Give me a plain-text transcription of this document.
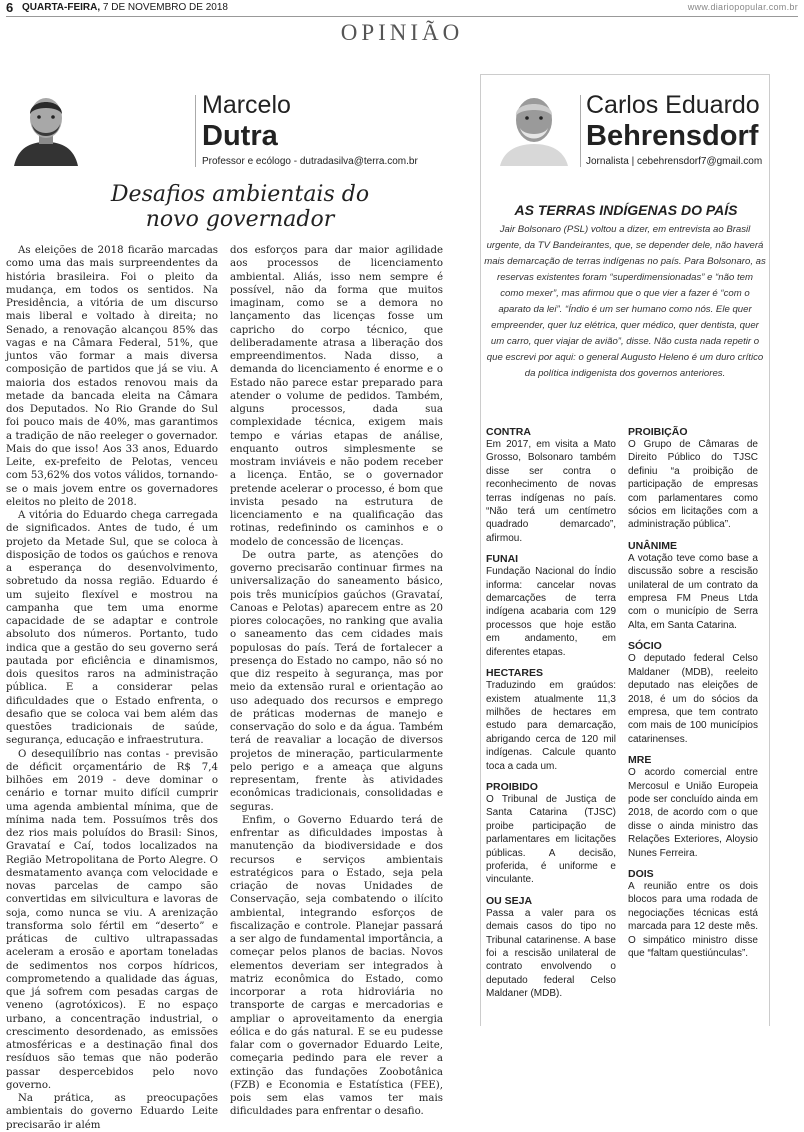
6 QUARTA-FEIRA, 7 DE NOVEMBRO DE 2018	www.diariopopular.com.br
OPINIÃO
Marcelo
Dutra
Professor e ecólogo - dutradasilva@terra.com.br
Carlos Eduardo
Behrensdorf
Jornalista | cebehrensdorf7@gmail.com
Desafios ambientais do
novo governador

As eleições de 2018 ficarão marcadas como uma das mais surpreendentes da história brasileira. Foi o pleito da mudança, em todos os sentidos. Na Presidência, a vitória de um discurso mais liberal e voltado à direita; no Senado, a renovação alcançou 85% das vagas e na Câmara Federal, 51%, que juntos vão formar a mais diversa composição de partidos que já se viu. A maioria dos estados renovou mais da metade da bancada eleita na Câmara dos Deputados. No Rio Grande do Sul foi pouco mais de 40%, mas garantimos a tradição de não reeleger o governador. Mais do que isso! Aos 33 anos, Eduardo Leite, ex-prefeito de Pelotas, venceu com 53,62% dos votos válidos, tornando-se o mais jovem entre os governadores eleitos no pleito de 2018.

A vitória do Eduardo chega carregada de significados. Antes de tudo, é um projeto da Metade Sul, que se coloca à disposição de todos os gaúchos e renova a esperança do desenvolvimento, sobretudo da nossa região. Eduardo é um sujeito flexível e mostrou na campanha que tem uma enorme capacidade de se adaptar e controle absoluto dos números. Portanto, tudo indica que a gestão do seu governo será pautada por eficiência e dinamismos, dois quesitos raros na administração pública. E a considerar pelas dificuldades que o Estado enfrenta, o desafio que se coloca vai bem além das questões tradicionais de saúde, segurança, educação e infraestrutura.

O desequilíbrio nas contas - previsão de déficit orçamentário de R$ 7,4 bilhões em 2019 - deve dominar o cenário e tornar muito difícil cumprir uma agenda ambiental mínima, que de mínima nada tem. Possuímos três dos dez rios mais poluídos do Brasil: Sinos, Gravataí e Caí, todos localizados na Região Metropolitana de Porto Alegre. O desmatamento avança com velocidade e novas parcelas de campo são convertidas em silvicultura e lavoras de soja, como nunca se viu. A arenização transforma solo fértil em “deserto” e práticas de cultivo ultrapassadas aceleram a erosão e aportam toneladas de sedimentos nos corpos hídricos, comprometendo a qualidade das águas, que já sofrem com pesadas cargas de veneno (agrotóxicos). E no espaço urbano, a concentração industrial, o crescimento desordenado, as emissões atmosféricas e a destinação final dos resíduos são temas que não poderão passar despercebidos pelo novo governo.

Na prática, as preocupações ambientais do governo Eduardo Leite precisarão ir além

dos esforços para dar maior agilidade aos processos de licenciamento ambiental. Aliás, isso nem sempre é possível, não da forma que muitos imaginam, como se a demora no lançamento das licenças fosse um capricho do corpo técnico, que deliberadamente atrasa a liberação dos empreendimentos. Nada disso, a demanda do licenciamento é enorme e o Estado não parece estar preparado para atender o volume de pedidos. Também, alguns processos, dada sua complexidade técnica, exigem mais tempo e várias etapas de análise, enquanto outros simplesmente se mostram inviáveis e não podem receber a licença. Então, se o governador pretende acelerar o processo, é bom que invista pesado na estrutura de licenciamento e na qualificação das rotinas, redefinindo os caminhos e o modelo de concessão de licenças.

De outra parte, as atenções do governo precisarão continuar firmes na universalização do saneamento básico, pois três municípios gaúchos (Gravataí, Canoas e Pelotas) aparecem entre as 20 piores colocações, no ranking que avalia o saneamento das cem cidades mais populosas do país. Terá de fortalecer a presença do Estado no campo, não só no que diz respeito à segurança, mas por meio da extensão rural e orientação ao uso adequado dos recursos e emprego de práticas modernas de manejo e conservação do solo e da água. Também terá de reavaliar a locação de diversos projetos de mineração, particularmente pelo perigo e a ameaça que alguns representam, frente às atividades econômicas tradicionais, consolidadas e seguras.

Enfim, o Governo Eduardo terá de enfrentar as dificuldades impostas à manutenção da biodiversidade e dos recursos e serviços ambientais estratégicos para o Estado, seja pela criação de novas Unidades de Conservação, seja combatendo o ilícito ambiental, integrando esforços de fiscalização e controle. Planejar passará a ser algo de fundamental importância, a começar pelos planos de bacias. Novos elementos deveriam ser integrados à matriz econômica do Estado, como incorporar a rota hidroviária no transporte de cargas e mercadorias e ampliar o aproveitamento da energia eólica e do gás natural. E se eu pudesse falar com o governador Eduardo Leite, começaria pedindo para ele rever a extinção das fundações Zoobotânica (FZB) e Economia e Estatística (FEE), pois sem elas vamos ter mais dificuldades para enfrentar o desafio.

AS TERRAS INDÍGENAS DO PAÍS
Jair Bolsonaro (PSL) voltou a dizer, em entrevista ao Brasil urgente, da TV Bandeirantes, que, se depender dele, não haverá mais demarcação de terras indígenas no país. Para Bolsonaro, as reservas existentes foram “superdimensionadas” e “não tem como mexer”, mas afirmou que o que vier a fazer é “com o aparato da lei”. “Índio é um ser humano como nós. Ele quer empreender, quer luz elétrica, quer médico, quer dentista, quer um carro, quer viajar de avião”, disse. Não custa nada repetir o que escrevi por aqui: o general Augusto Heleno é um duro crítico da política indigenista dos governos anteriores.
CONTRA
Em 2017, em visita a Mato Grosso, Bolsonaro também disse ser contra o reconhecimento de novas terras indígenas no país. “Não terá um centímetro quadrado demarcado”, afirmou.
FUNAI
Fundação Nacional do Índio informa: cancelar novas demarcações de terra indígena acabaria com 129 processos que hoje estão em andamento, em diferentes etapas.
HECTARES
Traduzindo em graúdos: existem atualmente 11,3 milhões de hectares em estudo para demarcação, abrigando cerca de 120 mil indígenas. Calcule quanto toca a cada um.
PROIBIDO
O Tribunal de Justiça de Santa Catarina (TJSC) proibe participação de parlamentares em licitações públicas. A decisão, proferida, é uniforme e vinculante.
OU SEJA
Passa a valer para os demais casos do tipo no Tribunal catarinense. A base foi a rescisão unilateral de contrato envolvendo o deputado federal Celso Maldaner (MDB).
PROIBIÇÃO
O Grupo de Câmaras de Direito Público do TJSC definiu “a proibição de participação de empresas com parlamentares como sócios em licitações com a administração pública”.
UNÂNIME
A votação teve como base a discussão sobre a rescisão unilateral de um contrato da empresa FM Pneus Ltda com o município de Serra Alta, em Santa Catarina.
SÓCIO
O deputado federal Celso Maldaner (MDB), reeleito deputado nas eleições de 2018, é um do sócios da empresa, que tem contrato com mais de 100 municípios catarinenses.
MRE
O acordo comercial entre Mercosul e União Europeia pode ser concluído ainda em 2018, de acordo com o que disse o ainda ministro das Relações Exteriores, Aloysio Nunes Ferreira.
DOIS
A reunião entre os dois blocos para uma rodada de negociações técnicas está marcada para 12 deste mês. O simpático ministro disse que “faltam questiúnculas”.
